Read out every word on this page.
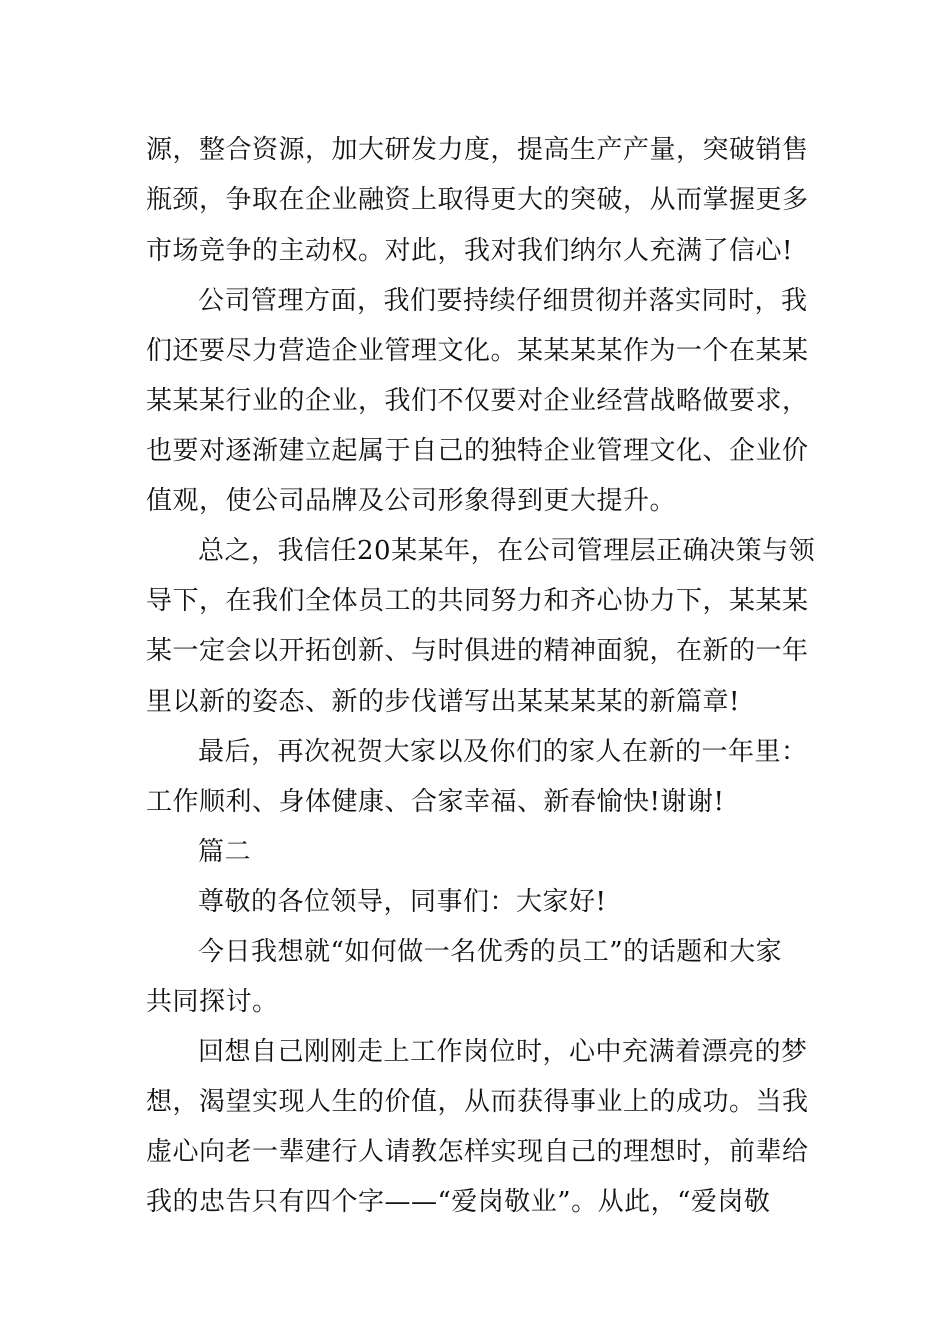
源，整合资源，加大研发力度，提高生产产量，突破销售
瓶颈，争取在企业融资上取得更大的突破，从而掌握更多
市场竞争的主动权。对此，我对我们纳尔人充满了信心!
公司管理方面，我们要持续仔细贯彻并落实同时，我
们还要尽力营造企业管理文化。某某某某作为一个在某某
某某某行业的企业，我们不仅要对企业经营战略做要求，
也要对逐渐建立起属于自己的独特企业管理文化、企业价
值观，使公司品牌及公司形象得到更大提升。
总之，我信任20某某年，在公司管理层正确决策与领
导下，在我们全体员工的共同努力和齐心协力下，某某某
某一定会以开拓创新、与时俱进的精神面貌，在新的一年
里以新的姿态、新的步伐谱写出某某某某的新篇章!
最后，再次祝贺大家以及你们的家人在新的一年里：
工作顺利、身体健康、合家幸福、新春愉快!谢谢!
篇二
尊敬的各位领导，同事们：大家好!
今日我想就“如何做一名优秀的员工”的话题和大家
共同探讨。
回想自己刚刚走上工作岗位时，心中充满着漂亮的梦
想，渴望实现人生的价值，从而获得事业上的成功。当我
虚心向老一辈建行人请教怎样实现自己的理想时，前辈给
我的忠告只有四个字——“爱岗敬业”。从此，“爱岗敬
